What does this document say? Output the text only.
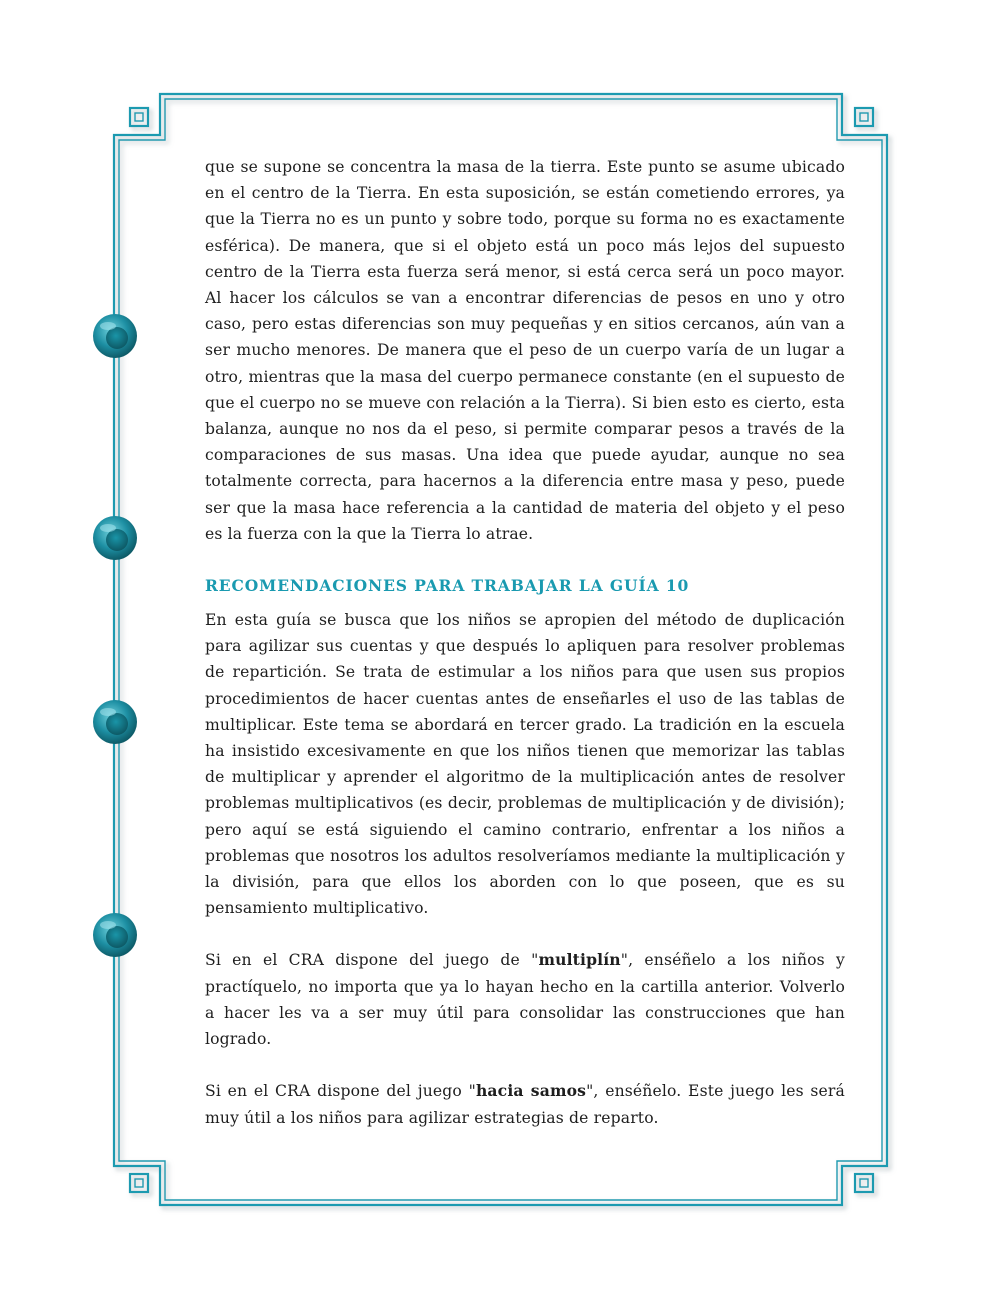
que se supone se concentra la masa de la tierra. Este punto se asume ubicado en el centro de la Tierra. En esta suposición, se están cometiendo errores, ya que la Tierra no es un punto y sobre todo, porque su forma no es exactamente esférica). De manera, que si el objeto está un poco más lejos del supuesto centro de la Tierra esta fuerza será menor, si está cerca será un poco mayor. Al hacer los cálculos se van a encontrar diferencias de pesos en uno y otro caso, pero estas diferencias son muy pequeñas y en sitios cercanos, aún van a ser mucho menores. De manera que el peso de un cuerpo varía de un lugar a otro, mientras que la masa del cuerpo permanece constante (en el supuesto de que el cuerpo no se mueve con relación a la Tierra). Si bien esto es cierto, esta balanza, aunque no nos da el peso, si permite comparar pesos a través de la comparaciones de sus masas. Una idea que puede ayudar, aunque no sea totalmente correcta, para hacernos a la diferencia entre masa y peso, puede ser que la masa hace referencia a la cantidad de materia del objeto y el peso es la fuerza con la que la Tierra lo atrae.

RECOMENDACIONES PARA TRABAJAR LA GUÍA 10

En esta guía se busca que los niños se apropien del método de duplicación para agilizar sus cuentas y que después lo apliquen para resolver problemas de repartición. Se trata de estimular a los niños para que usen sus propios procedimientos de hacer cuentas antes de enseñarles el uso de las tablas de multiplicar. Este tema se abordará en tercer grado. La tradición en la escuela ha insistido excesivamente en que los niños tienen que memorizar las tablas de multiplicar y aprender el algoritmo de la multiplicación antes de resolver problemas multiplicativos (es decir, problemas de multiplicación y de división); pero aquí se está siguiendo el camino contrario, enfrentar a los niños a problemas que nosotros los adultos resolveríamos mediante la multiplicación y la división, para que ellos los aborden con lo que poseen, que es su pensamiento multiplicativo.

Si en el CRA dispone del juego de "multiplín", enséñelo a los niños y practíquelo, no importa que ya lo hayan hecho en la cartilla anterior. Volverlo a hacer les va a ser muy útil para consolidar las construcciones que han logrado.

Si en el CRA dispone del juego "hacia samos", enséñelo. Este juego les será muy útil a los niños para agilizar estrategias de reparto.
